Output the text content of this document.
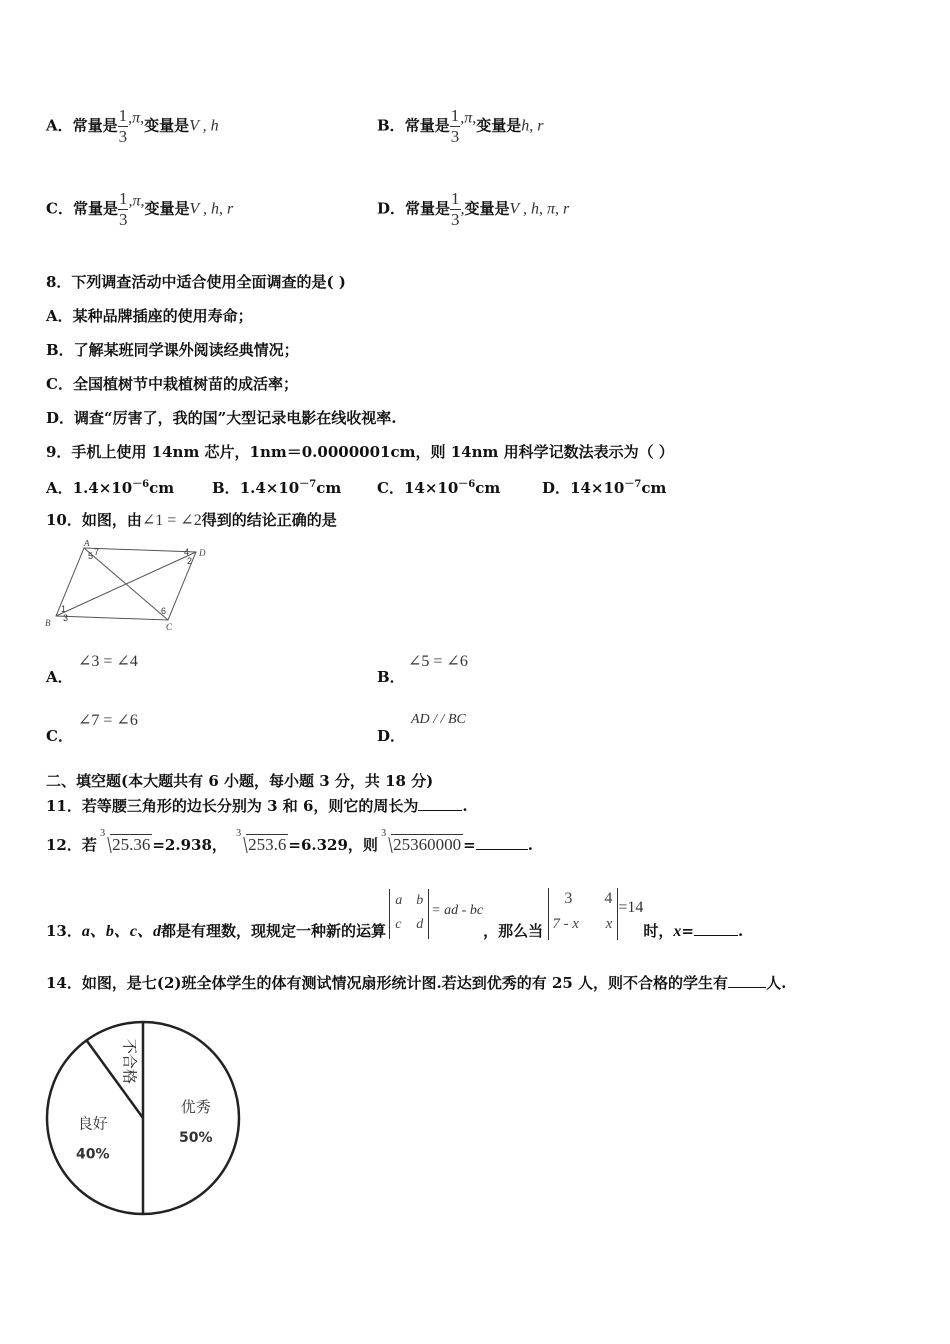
A．常量是 $\frac{1}{3} ,\pi$,变量是V , h	B．常量是 $\frac{1}{3} ,\pi$,变量是h, r
C．常量是 $\frac{1}{3} ,\pi$,变量是V , h, r	D．常量是 $\frac{1}{3}$ ,变量是V , h, π, r
8．下列调查活动中适合使用全面调查的是( )
A．某种品牌插座的使用寿命；
B．了解某班同学课外阅读经典情况；
C．全国植树节中栽植树苗的成活率；
D．调查“厉害了，我的国”大型记录电影在线收视率.
9．手机上使用 14nm 芯片，1nm＝0.0000001cm，则 14nm 用科学记数法表示为（ ）
A．$1.4\times 10^{-6}cm$	B．$1.4\times 10^{-7}cm$ C．$14\times 10^{-6}cm$	D．$14\times 10^{-7}cm$
10．如图，由∠1 = ∠2得到的结论正确的是
A
D
B	C
5 7	4
2
1
3
6
A．
∠3 = ∠4
B．
∠5 = ∠6
C．
∠7 = ∠6
D．
AD / / BC
二、填空题(本大题共有 6 小题，每小题 3 分，共 18 分)
11．若等腰三角形的边长分别为 3 和 6，则它的周长为	.
12．若
3
25.36 =2.938，
3
253.6 =6.329，则
3
25360000 =	.
13．a、b、c、d都是有理数，现规定一种新的运算
a b
c d
= ad - bc，那么当
3 4
7 - x x
=14时，x=	.
14．如图，是七(2)班全体学生的体有测试情况扇形统计图.若达到优秀的有 25 人，则不合格的学生有	人.
优秀
50%
良好
40%
不合格
